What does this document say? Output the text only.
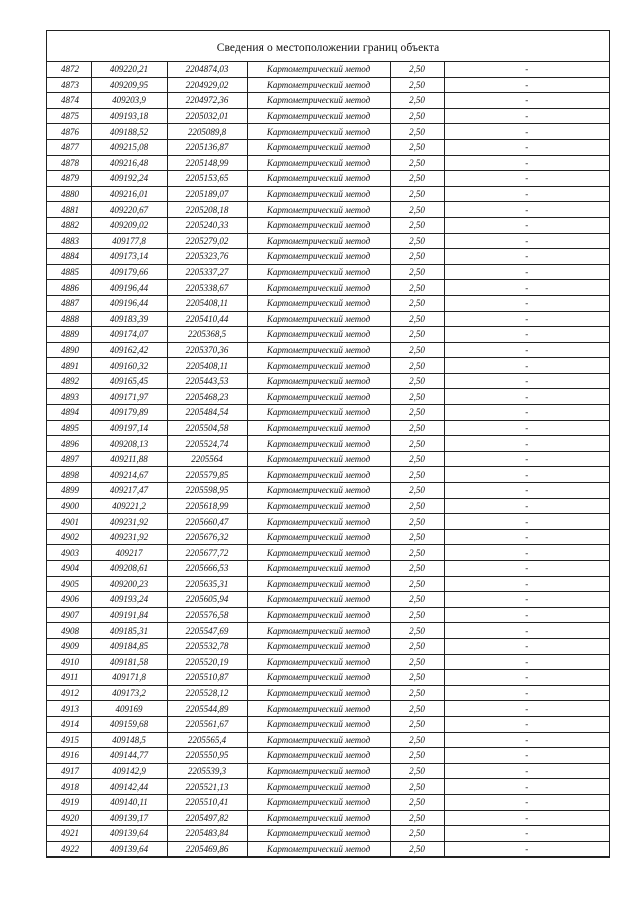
Сведения о местоположении границ объекта
4872	409220,21	2204874,03	Картометрический метод	2,50	-
4873	409209,95	2204929,02	Картометрический метод	2,50	-
4874	409203,9	2204972,36	Картометрический метод	2,50	-
4875	409193,18	2205032,01	Картометрический метод	2,50	-
4876	409188,52	2205089,8	Картометрический метод	2,50	-
4877	409215,08	2205136,87	Картометрический метод	2,50	-
4878	409216,48	2205148,99	Картометрический метод	2,50	-
4879	409192,24	2205153,65	Картометрический метод	2,50	-
4880	409216,01	2205189,07	Картометрический метод	2,50	-
4881	409220,67	2205208,18	Картометрический метод	2,50	-
4882	409209,02	2205240,33	Картометрический метод	2,50	-
4883	409177,8	2205279,02	Картометрический метод	2,50	-
4884	409173,14	2205323,76	Картометрический метод	2,50	-
4885	409179,66	2205337,27	Картометрический метод	2,50	-
4886	409196,44	2205338,67	Картометрический метод	2,50	-
4887	409196,44	2205408,11	Картометрический метод	2,50	-
4888	409183,39	2205410,44	Картометрический метод	2,50	-
4889	409174,07	2205368,5	Картометрический метод	2,50	-
4890	409162,42	2205370,36	Картометрический метод	2,50	-
4891	409160,32	2205408,11	Картометрический метод	2,50	-
4892	409165,45	2205443,53	Картометрический метод	2,50	-
4893	409171,97	2205468,23	Картометрический метод	2,50	-
4894	409179,89	2205484,54	Картометрический метод	2,50	-
4895	409197,14	2205504,58	Картометрический метод	2,50	-
4896	409208,13	2205524,74	Картометрический метод	2,50	-
4897	409211,88	2205564	Картометрический метод	2,50	-
4898	409214,67	2205579,85	Картометрический метод	2,50	-
4899	409217,47	2205598,95	Картометрический метод	2,50	-
4900	409221,2	2205618,99	Картометрический метод	2,50	-
4901	409231,92	2205660,47	Картометрический метод	2,50	-
4902	409231,92	2205676,32	Картометрический метод	2,50	-
4903	409217	2205677,72	Картометрический метод	2,50	-
4904	409208,61	2205666,53	Картометрический метод	2,50	-
4905	409200,23	2205635,31	Картометрический метод	2,50	-
4906	409193,24	2205605,94	Картометрический метод	2,50	-
4907	409191,84	2205576,58	Картометрический метод	2,50	-
4908	409185,31	2205547,69	Картометрический метод	2,50	-
4909	409184,85	2205532,78	Картометрический метод	2,50	-
4910	409181,58	2205520,19	Картометрический метод	2,50	-
4911	409171,8	2205510,87	Картометрический метод	2,50	-
4912	409173,2	2205528,12	Картометрический метод	2,50	-
4913	409169	2205544,89	Картометрический метод	2,50	-
4914	409159,68	2205561,67	Картометрический метод	2,50	-
4915	409148,5	2205565,4	Картометрический метод	2,50	-
4916	409144,77	2205550,95	Картометрический метод	2,50	-
4917	409142,9	2205539,3	Картометрический метод	2,50	-
4918	409142,44	2205521,13	Картометрический метод	2,50	-
4919	409140,11	2205510,41	Картометрический метод	2,50	-
4920	409139,17	2205497,82	Картометрический метод	2,50	-
4921	409139,64	2205483,84	Картометрический метод	2,50	-
4922	409139,64	2205469,86	Картометрический метод	2,50	-
